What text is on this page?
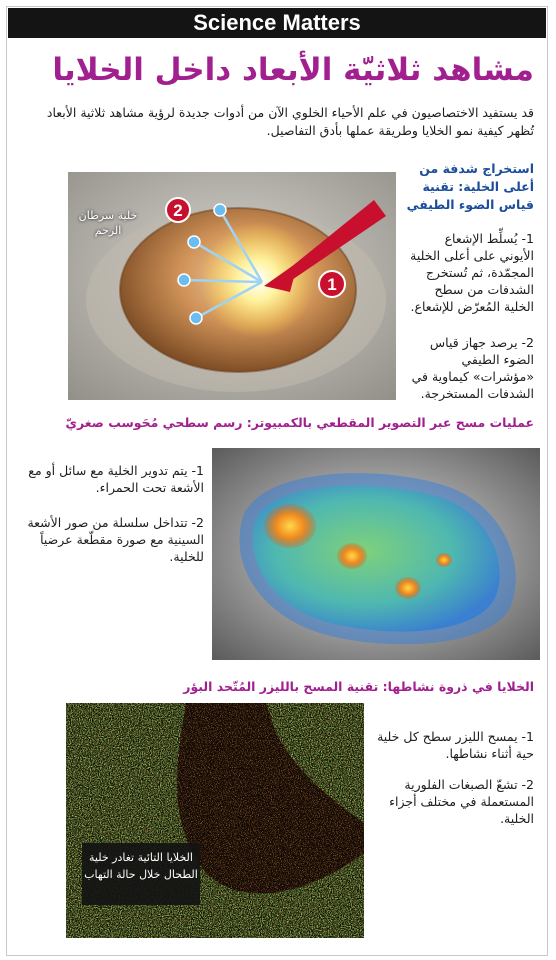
Science Matters
مشاهد ثلاثيّة الأبعاد داخل الخلايا
قد يستفيد الاختصاصيون في علم الأحياء الخلوي الآن من أدوات جديدة لرؤية مشاهد ثلاثية الأبعاد تُظهر كيفية نمو الخلايا وطريقة عملها بأدق التفاصيل.
استخراج شدفة من أعلى الخلية: تقنية قياس الضوء الطيفي
2
1
خلية سرطان الرحم
1- يُسلِّط الإشعاع الأيوني على أعلى الخلية المجمّدة، ثم تُستخرج الشدفات من سطح الخلية المُعرّض للإشعاع.
2- يرصد جهاز قياس الضوء الطيفي «مؤشرات» كيماوية في الشدفات المستخرجة.
عمليات مسح عبر التصوير المقطعي بالكمبيوتر: رسم سطحي مُحَوسب صغريّ
1- يتم تدوير الخلية مع سائل أو مع الأشعة تحت الحمراء.
2- تتداخل سلسلة من صور الأشعة السينية مع صورة مقطّعة عرضياً للخلية.
الخلايا في ذروة نشاطها: تقنية المسح بالليزر المُتّحد البؤر
الخلايا التائية تغادر خلية الطحال خلال حالة التهاب
1- يمسح الليزر سطح كل خلية حية أثناء نشاطها.
2- تشعّ الصبغات الفلورية المستعملة في مختلف أجزاء الخلية.
